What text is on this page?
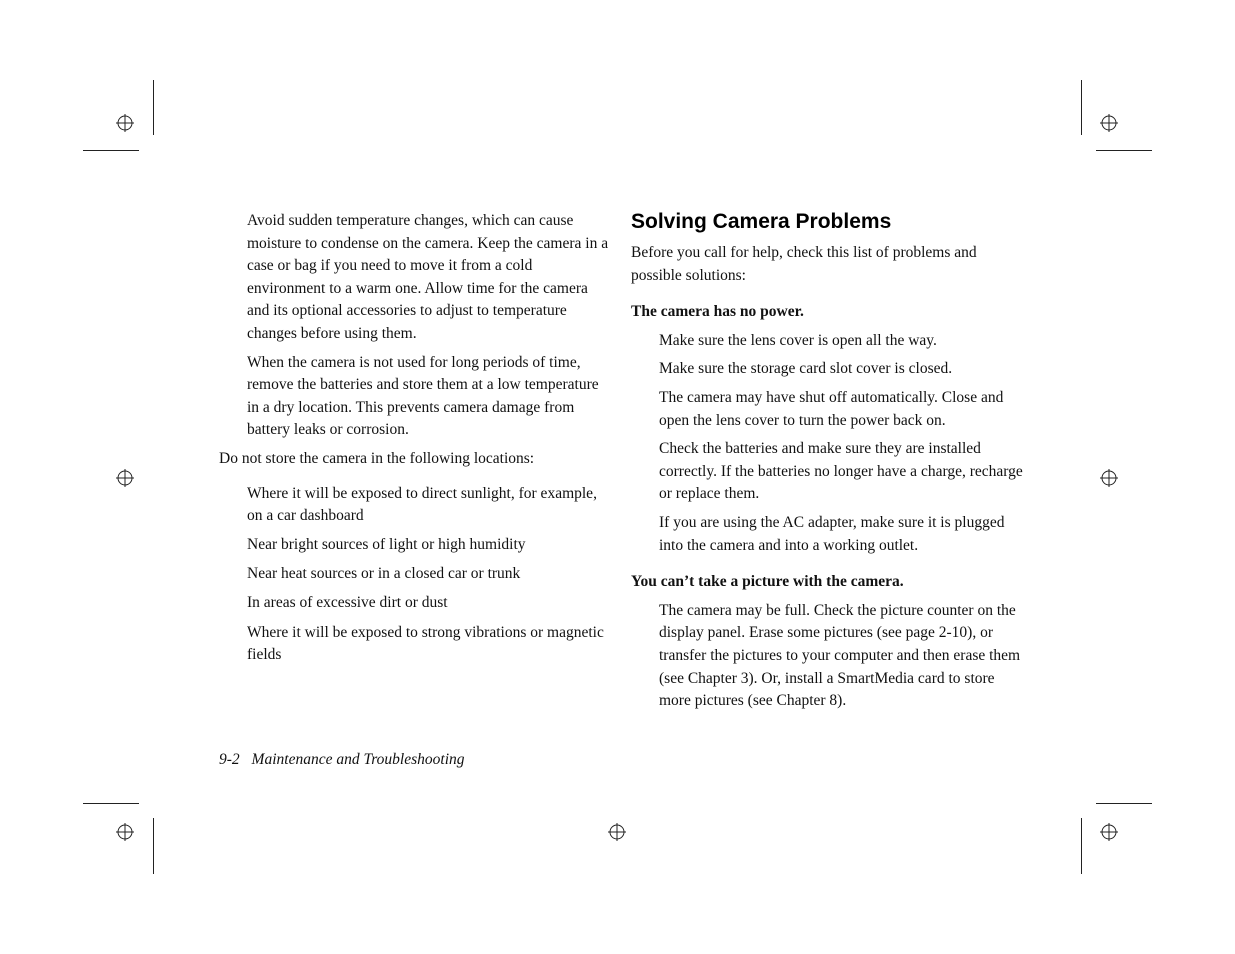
Avoid sudden temperature changes, which can cause moisture to condense on the camera. Keep the camera in a case or bag if you need to move it from a cold environment to a warm one. Allow time for the camera and its optional accessories to adjust to temperature changes before using them.

When the camera is not used for long periods of time, remove the batteries and store them at a low temperature in a dry location. This prevents camera damage from battery leaks or corrosion.

Do not store the camera in the following locations:

Where it will be exposed to direct sunlight, for example, on a car dashboard

Near bright sources of light or high humidity

Near heat sources or in a closed car or trunk

In areas of excessive dirt or dust

Where it will be exposed to strong vibrations or magnetic fields

Solving Camera Problems

Before you call for help, check this list of problems and possible solutions:

The camera has no power.

Make sure the lens cover is open all the way.

Make sure the storage card slot cover is closed.

The camera may have shut off automatically. Close and open the lens cover to turn the power back on.

Check the batteries and make sure they are installed correctly. If the batteries no longer have a charge, recharge or replace them.

If you are using the AC adapter, make sure it is plugged into the camera and into a working outlet.

You can’t take a picture with the camera.

The camera may be full. Check the picture counter on the display panel. Erase some pictures (see page 2-10), or transfer the pictures to your computer and then erase them (see Chapter 3). Or, install a SmartMedia card to store more pictures (see Chapter 8).

9-2 Maintenance and Troubleshooting
